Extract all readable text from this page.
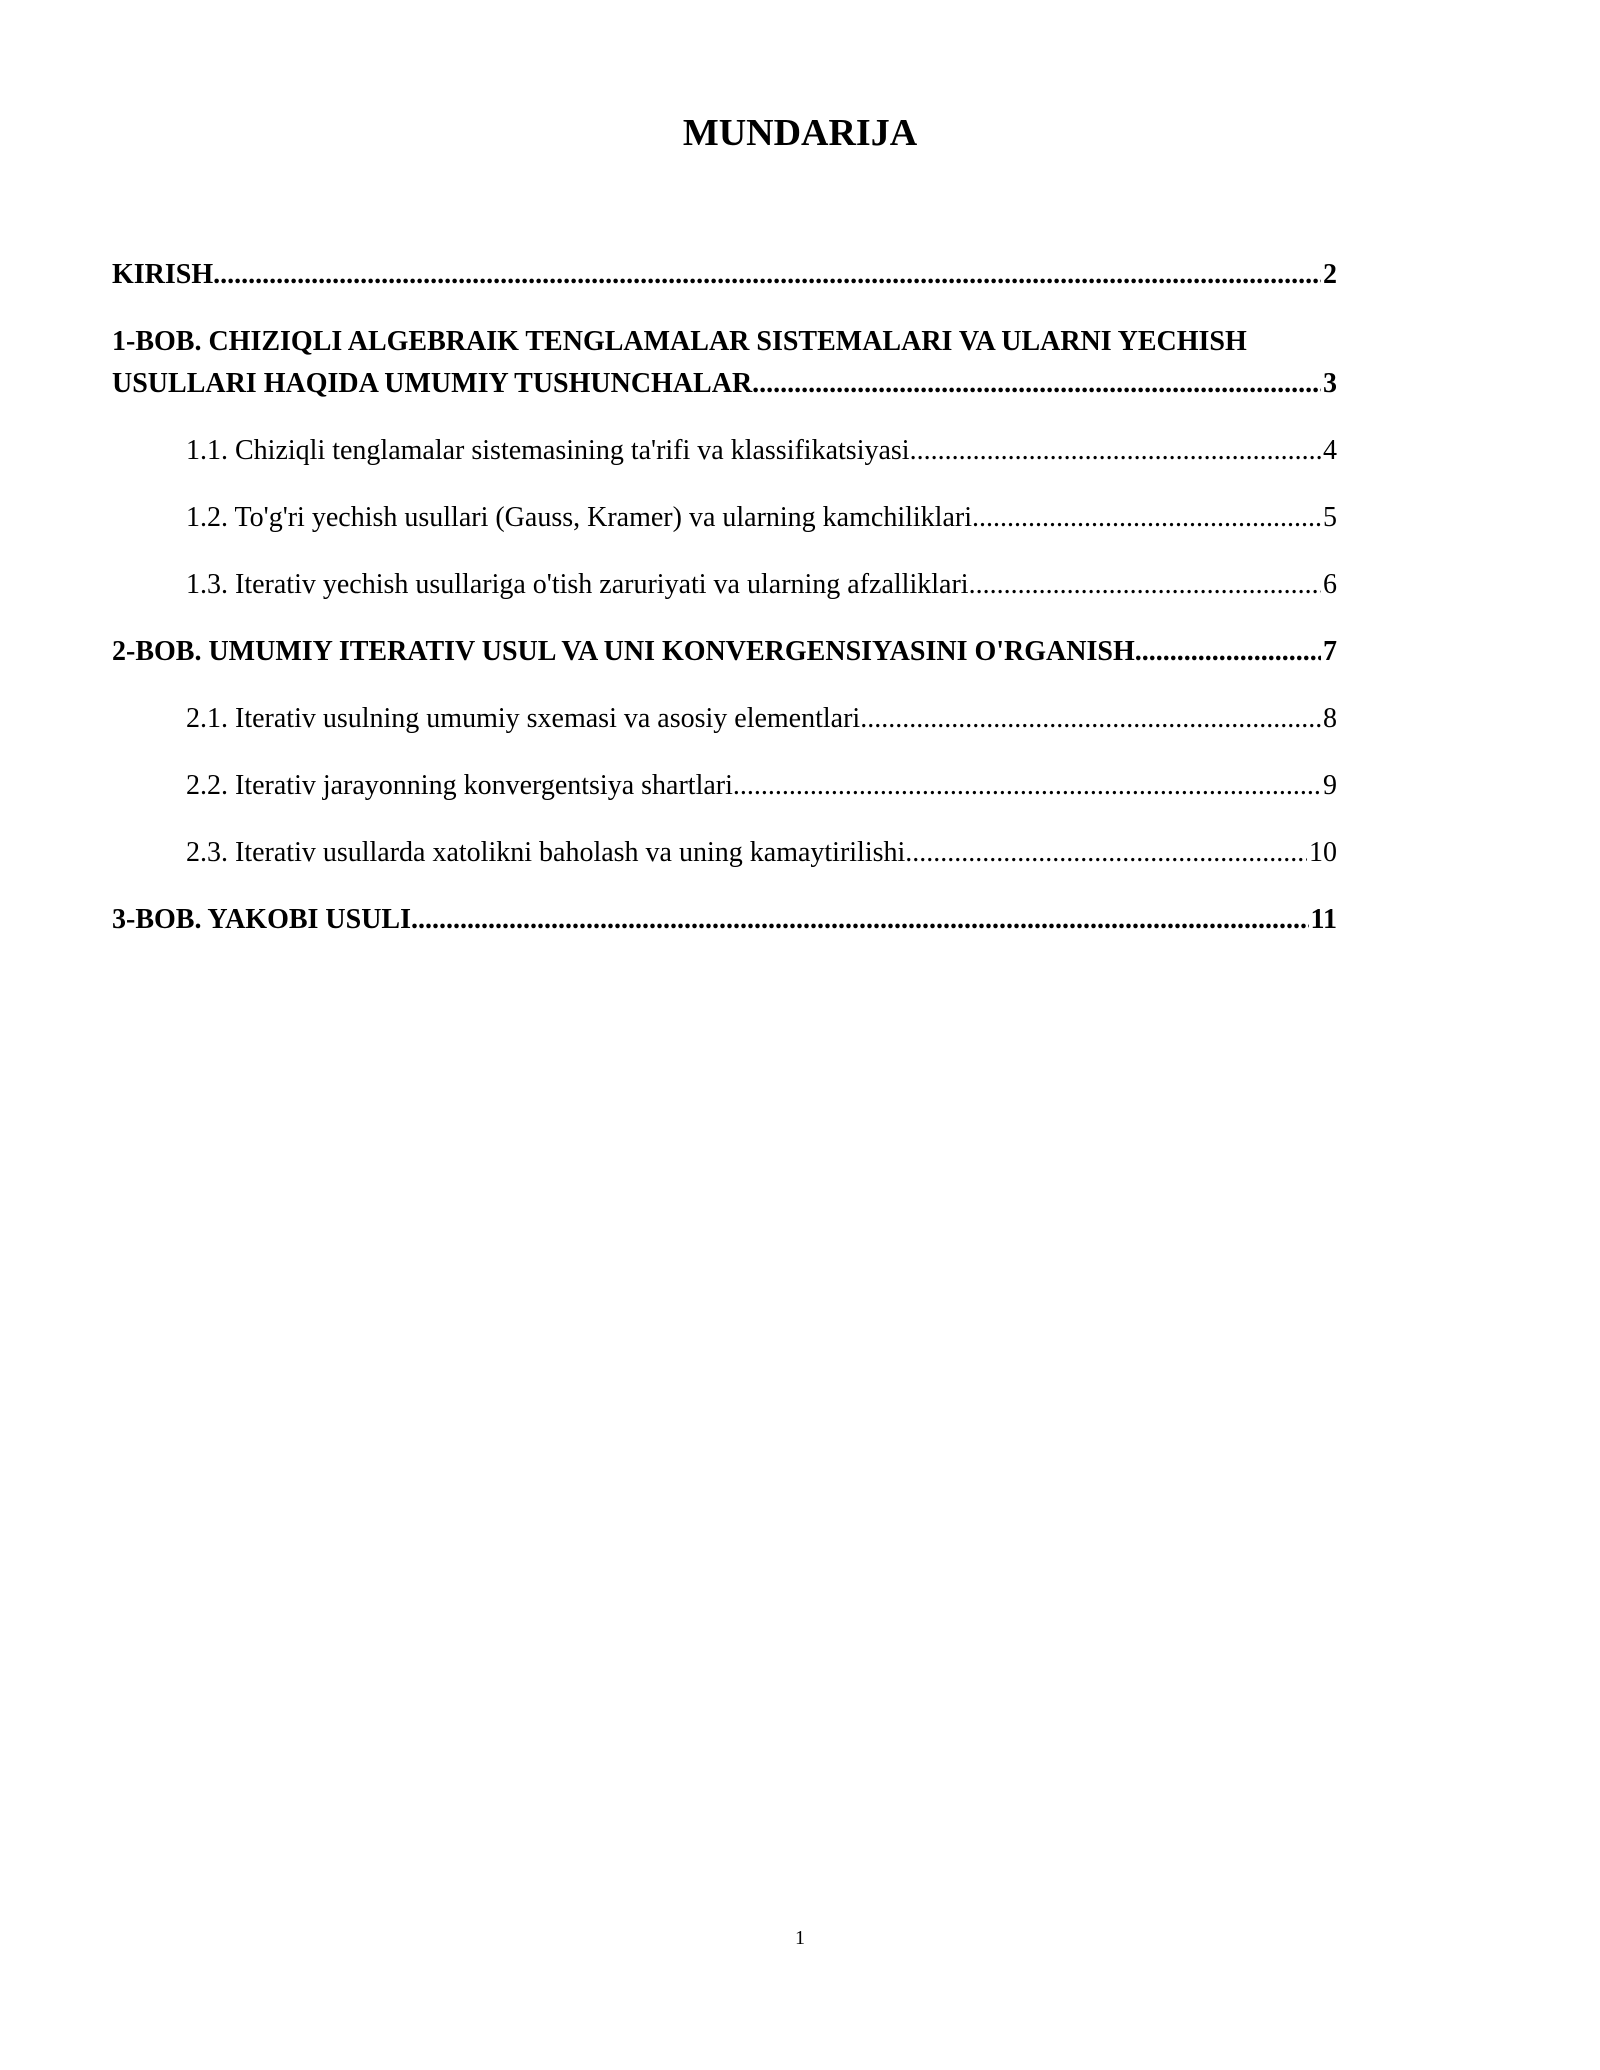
MUNDARIJA
KIRISH .....	2
1-BOB. CHIZIQLI ALGEBRAIK TENGLAMALAR SISTEMALARI VA ULARNI YECHISH
USULLARI HAQIDA UMUMIY TUSHUNCHALAR .....	3
1.1. Chiziqli tenglamalar sistemasining ta'rifi va klassifikatsiyasi .....	4
1.2. To'g'ri yechish usullari (Gauss, Kramer) va ularning kamchiliklari .....	5
1.3. Iterativ yechish usullariga o'tish zaruriyati va ularning afzalliklari .....	6
2-BOB. UMUMIY ITERATIV USUL VA UNI KONVERGENSIYASINI O'RGANISH .....	7
2.1. Iterativ usulning umumiy sxemasi va asosiy elementlari .....	8
2.2. Iterativ jarayonning konvergentsiya shartlari .....	9
2.3. Iterativ usullarda xatolikni baholash va uning kamaytirilishi .....	10
3-BOB. YAKOBI USULI .....	11
1
